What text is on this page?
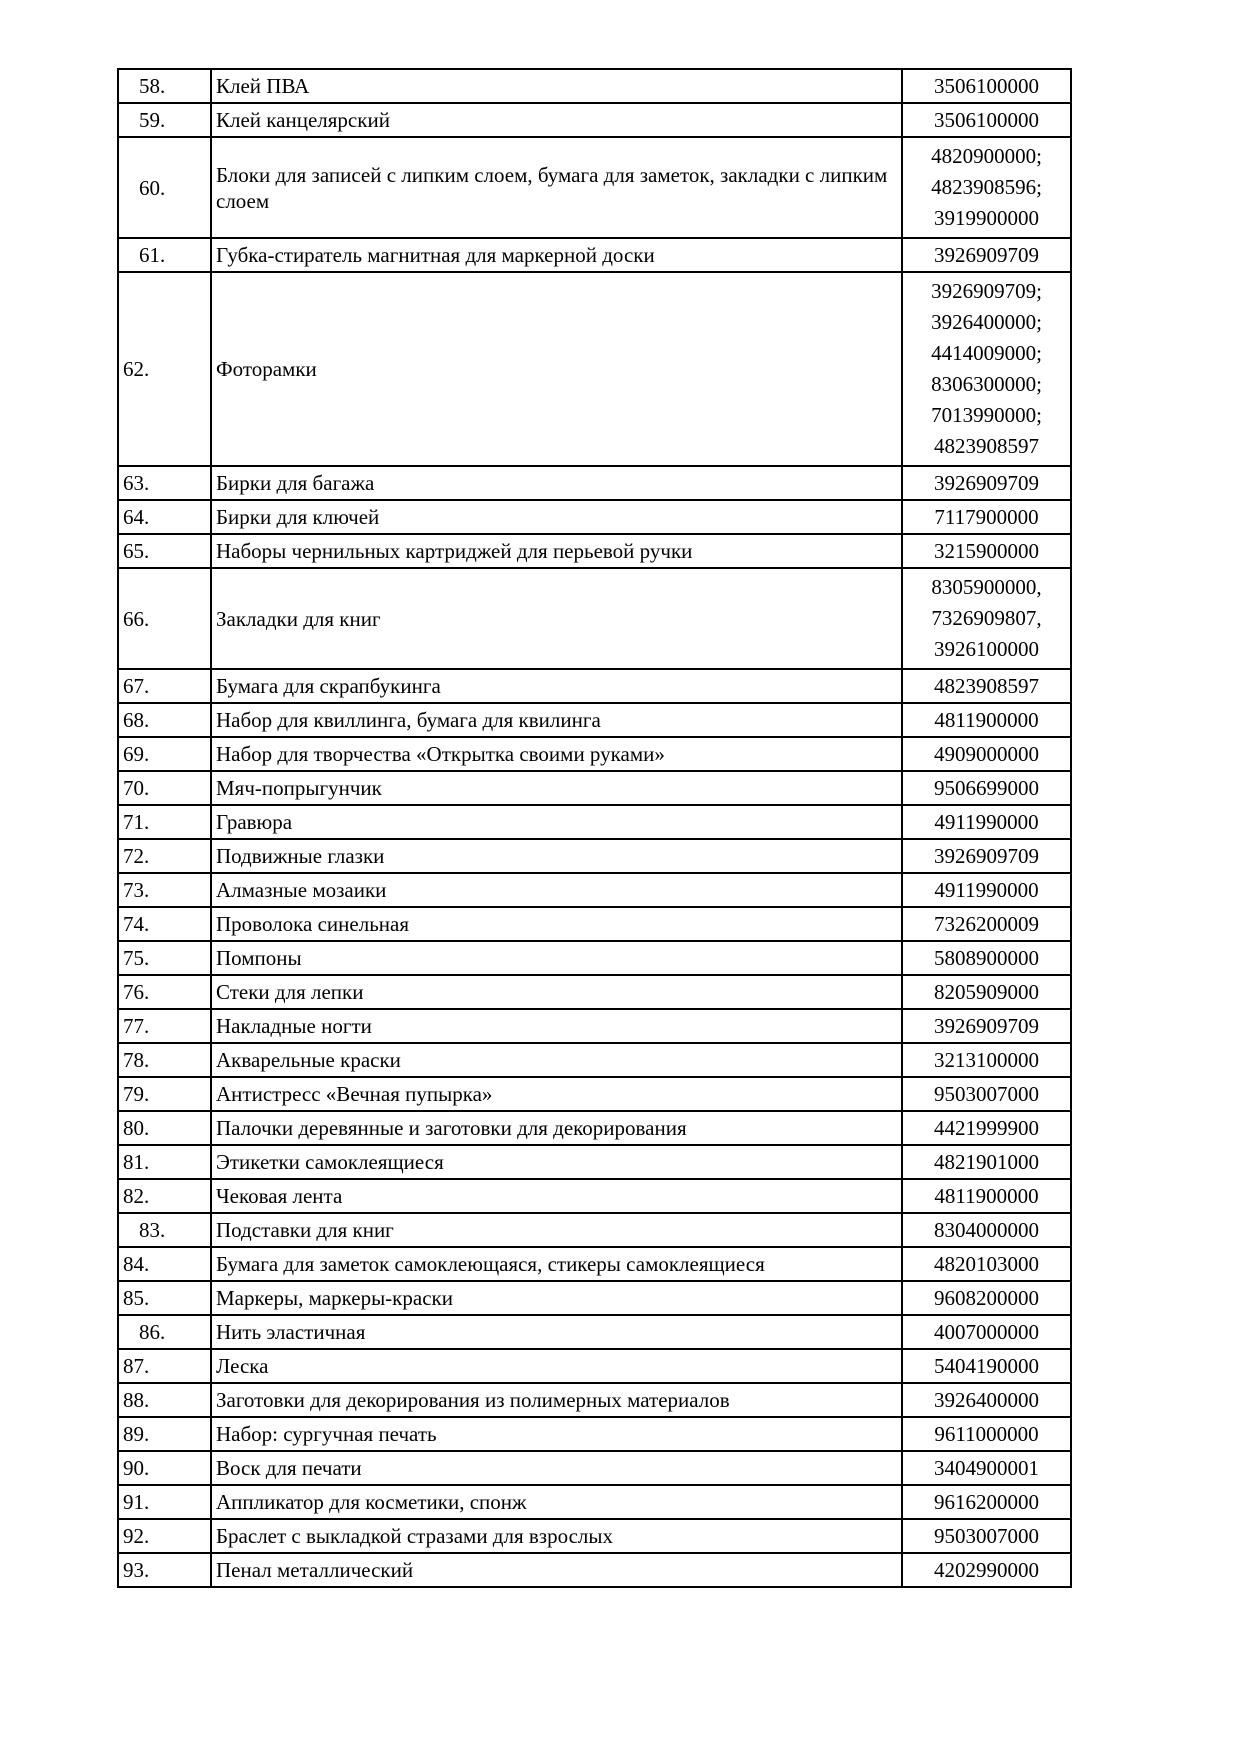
58.	Клей ПВА	3506100000

59.	Клей канцелярский	3506100000

60.	Блоки для записей с липким слоем, бумага для заметок, закладки с липким слоем	4820900000;
4823908596;
3919900000

61.	Губка-стиратель магнитная для маркерной доски	3926909709

62.	Фоторамки	
3926909709;
3926400000;
4414009000;
8306300000;
7013990000;
4823908597

63.	Бирки для багажа	3926909709

64.	Бирки для ключей	7117900000

65.	Наборы чернильных картриджей для перьевой ручки	3215900000

66.	Закладки для книг	8305900000,
7326909807,
3926100000

67.	Бумага для скрапбукинга	4823908597

68.	Набор для квиллинга, бумага для квилинга	4811900000

69.	Набор для творчества «Открытка своими руками»	4909000000

70.	Мяч-попрыгунчик	9506699000

71.	Гравюра	4911990000

72.	Подвижные глазки	3926909709

73.	Алмазные мозаики	4911990000

74.	Проволока синельная	7326200009

75.	Помпоны	5808900000

76.	Стеки для лепки	8205909000

77.	Накладные ногти	3926909709

78.	Акварельные краски	3213100000

79.	Антистресс «Вечная пупырка»	9503007000

80.	Палочки деревянные и заготовки для декорирования	4421999900

81.	Этикетки самоклеящиеся	4821901000

82.	Чековая лента	4811900000

83.	Подставки для книг	8304000000

84.	Бумага для заметок самоклеющаяся, стикеры самоклеящиеся	4820103000

85.	Маркеры, маркеры-краски	9608200000

86.	Нить эластичная	4007000000

87.	Леска	5404190000

88.	Заготовки для декорирования из полимерных материалов	3926400000

89.	Набор: сургучная печать	9611000000

90.	Воск для печати	3404900001

91.	Аппликатор для косметики, спонж	9616200000

92.	Браслет с выкладкой стразами для взрослых	9503007000

93.	Пенал металлический	4202990000
